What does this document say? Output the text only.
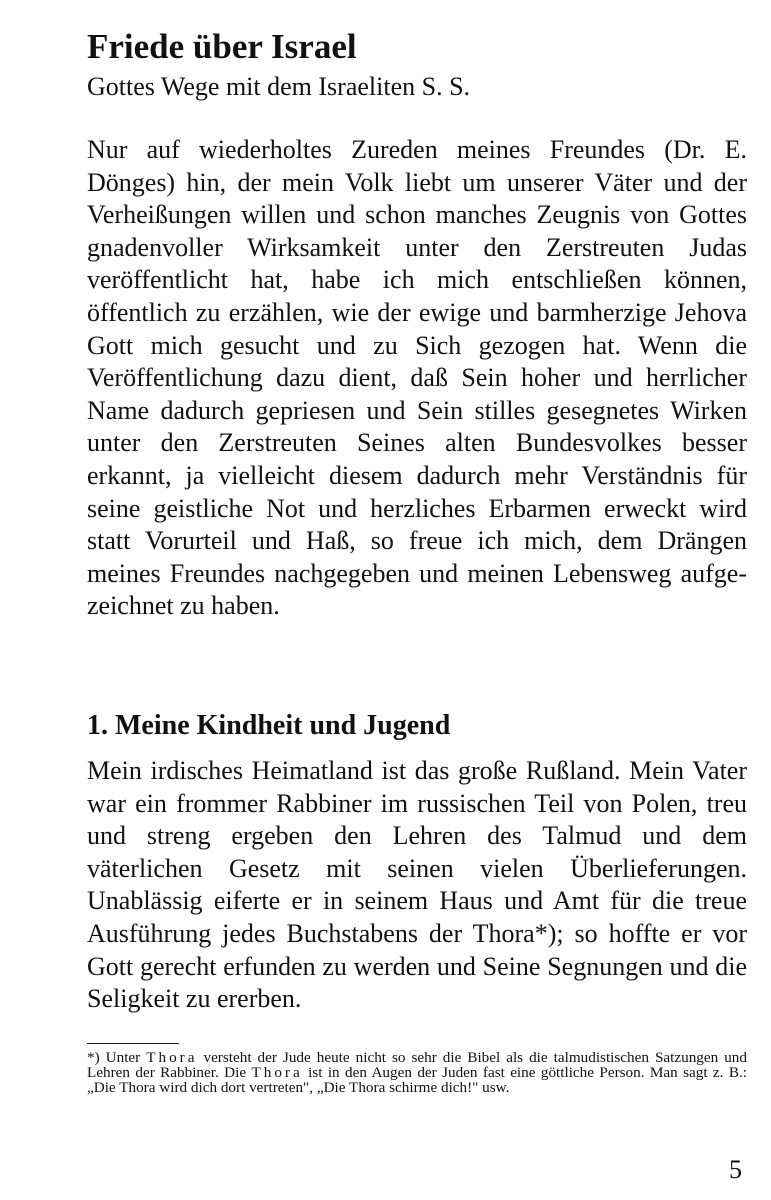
Friede über Israel

Gottes Wege mit dem Israeliten S. S.

Nur auf wiederholtes Zureden meines Freundes (Dr. E. Dönges) hin, der mein Volk liebt um unserer Väter und der Verheißungen willen und schon manches Zeugnis von Gottes gnadenvoller Wirksamkeit unter den Zerstreuten Judas veröffentlicht hat, habe ich mich entschließen können, öffentlich zu erzählen, wie der ewige und barmherzige Jehova Gott mich gesucht und zu Sich gezogen hat. Wenn die Veröffentlichung dazu dient, daß Sein hoher und herrlicher Name dadurch gepriesen und Sein stilles gesegnetes Wirken unter den Zerstreuten Seines alten Bundesvolkes besser erkannt, ja vielleicht diesem dadurch mehr Verständnis für seine geistliche Not und herzliches Erbarmen erweckt wird statt Vorurteil und Haß, so freue ich mich, dem Drängen meines Freundes nachgegeben und meinen Lebensweg aufgezeichnet zu haben.

1. Meine Kindheit und Jugend

Mein irdisches Heimatland ist das große Rußland. Mein Vater war ein frommer Rabbiner im russischen Teil von Polen, treu und streng ergeben den Lehren des Talmud und dem väterlichen Gesetz mit seinen vielen Überlieferungen. Unablässig eiferte er in seinem Haus und Amt für die treue Ausführung jedes Buchstabens der Thora*); so hoffte er vor Gott gerecht erfunden zu werden und Seine Segnungen und die Seligkeit zu ererben.

*) Unter Thora versteht der Jude heute nicht so sehr die Bibel als die talmudistischen Satzungen und Lehren der Rabbiner. Die Thora ist in den Augen der Juden fast eine göttliche Person. Man sagt z. B.: „Die Thora wird dich dort vertreten", „Die Thora schirme dich!" usw.

5
